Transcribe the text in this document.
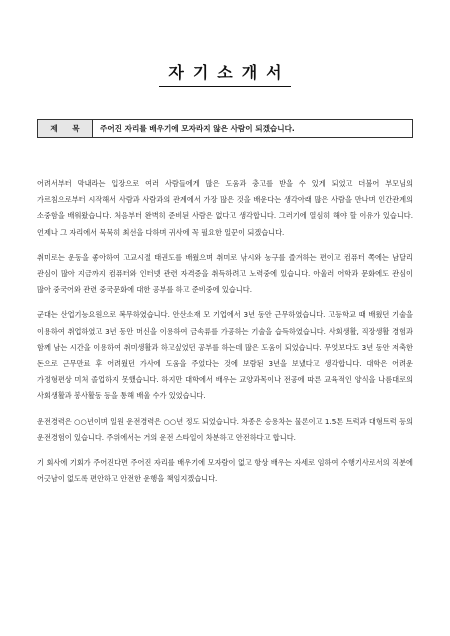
자기소개서
제 목	주어진 자리를 배우기에 모자라지 않은 사람이 되겠습니다.

어려서부터 막내라는 입장으로 여러 사람들에게 많은 도움과 충고를 받을 수 있게 되었고 더불어 부모님의 가르침으로부터 시작해서 사람과 사람과의 관계에서 가장 많은 것을 배운다는 생각아래 많은 사람을 만나며 인간관계의 소중함을 배워왔습니다. 처음부터 완벽히 준비된 사람은 없다고 생각합니다. 그러기에 열심히 해야 할 이유가 있습니다. 언제나 그 자리에서 묵묵히 최선을 다하며 귀사에 꼭 필요한 일꾼이 되겠습니다.

취미로는 운동을 좋아하여 고교시절 태권도를 배웠으며 취미로 낚시와 농구를 즐겨하는 편이고 컴퓨터 쪽에는 남달리 관심이 많아 지금까지 컴퓨터와 인터넷 관련 자격증을 취득하려고 노력중에 있습니다. 아울러 어학과 문화에도 관심이 많아 중국어와 관련 중국문화에 대한 공부를 하고 준비중에 있습니다.

군대는 산업기능요원으로 복무하였습니다. 안산소재 모 기업에서 3년 동안 근무하였습니다. 고등학교 때 배웠던 기술을 이용하여 취업하였고 3년 동안 머신을 이용하여 금속류를 가공하는 기술을 습득하였습니다. 사회생활, 직장생활 경험과 함께 남는 시간을 이용하여 취미생활과 하고싶었던 공부를 하는데 많은 도움이 되었습니다. 무엇보다도 3년 동안 저축한 돈으로 근무만료 후 어려웠던 가사에 도움을 주었다는 것에 보람된 3년을 보냈다고 생각합니다. 대학은 어려운 가정형편상 미처 졸업하지 못했습니다. 하지만 대학에서 배우는 교양과목이나 전공에 따른 교육적인 양식을 나름대로의 사회생활과 봉사활동 등을 통해 배울 수가 있었습니다.

운전경력은 ○○년이며 일원 운전경력은 ○○년 정도 되었습니다. 차종은 승용차는 물론이고 1.5톤 트럭과 대형트럭 등의 운전경험이 있습니다. 주위에서는 거의 운전 스타일이 차분하고 안전하다고 합니다.

기 회사에 기회가 주어진다면 주어진 자리를 배우기에 모자람이 없고 항상 배우는 자세로 임하여 수행기사로서의 직분에 어긋남이 없도록 편안하고 안전한 운행을 책임지겠습니다.
